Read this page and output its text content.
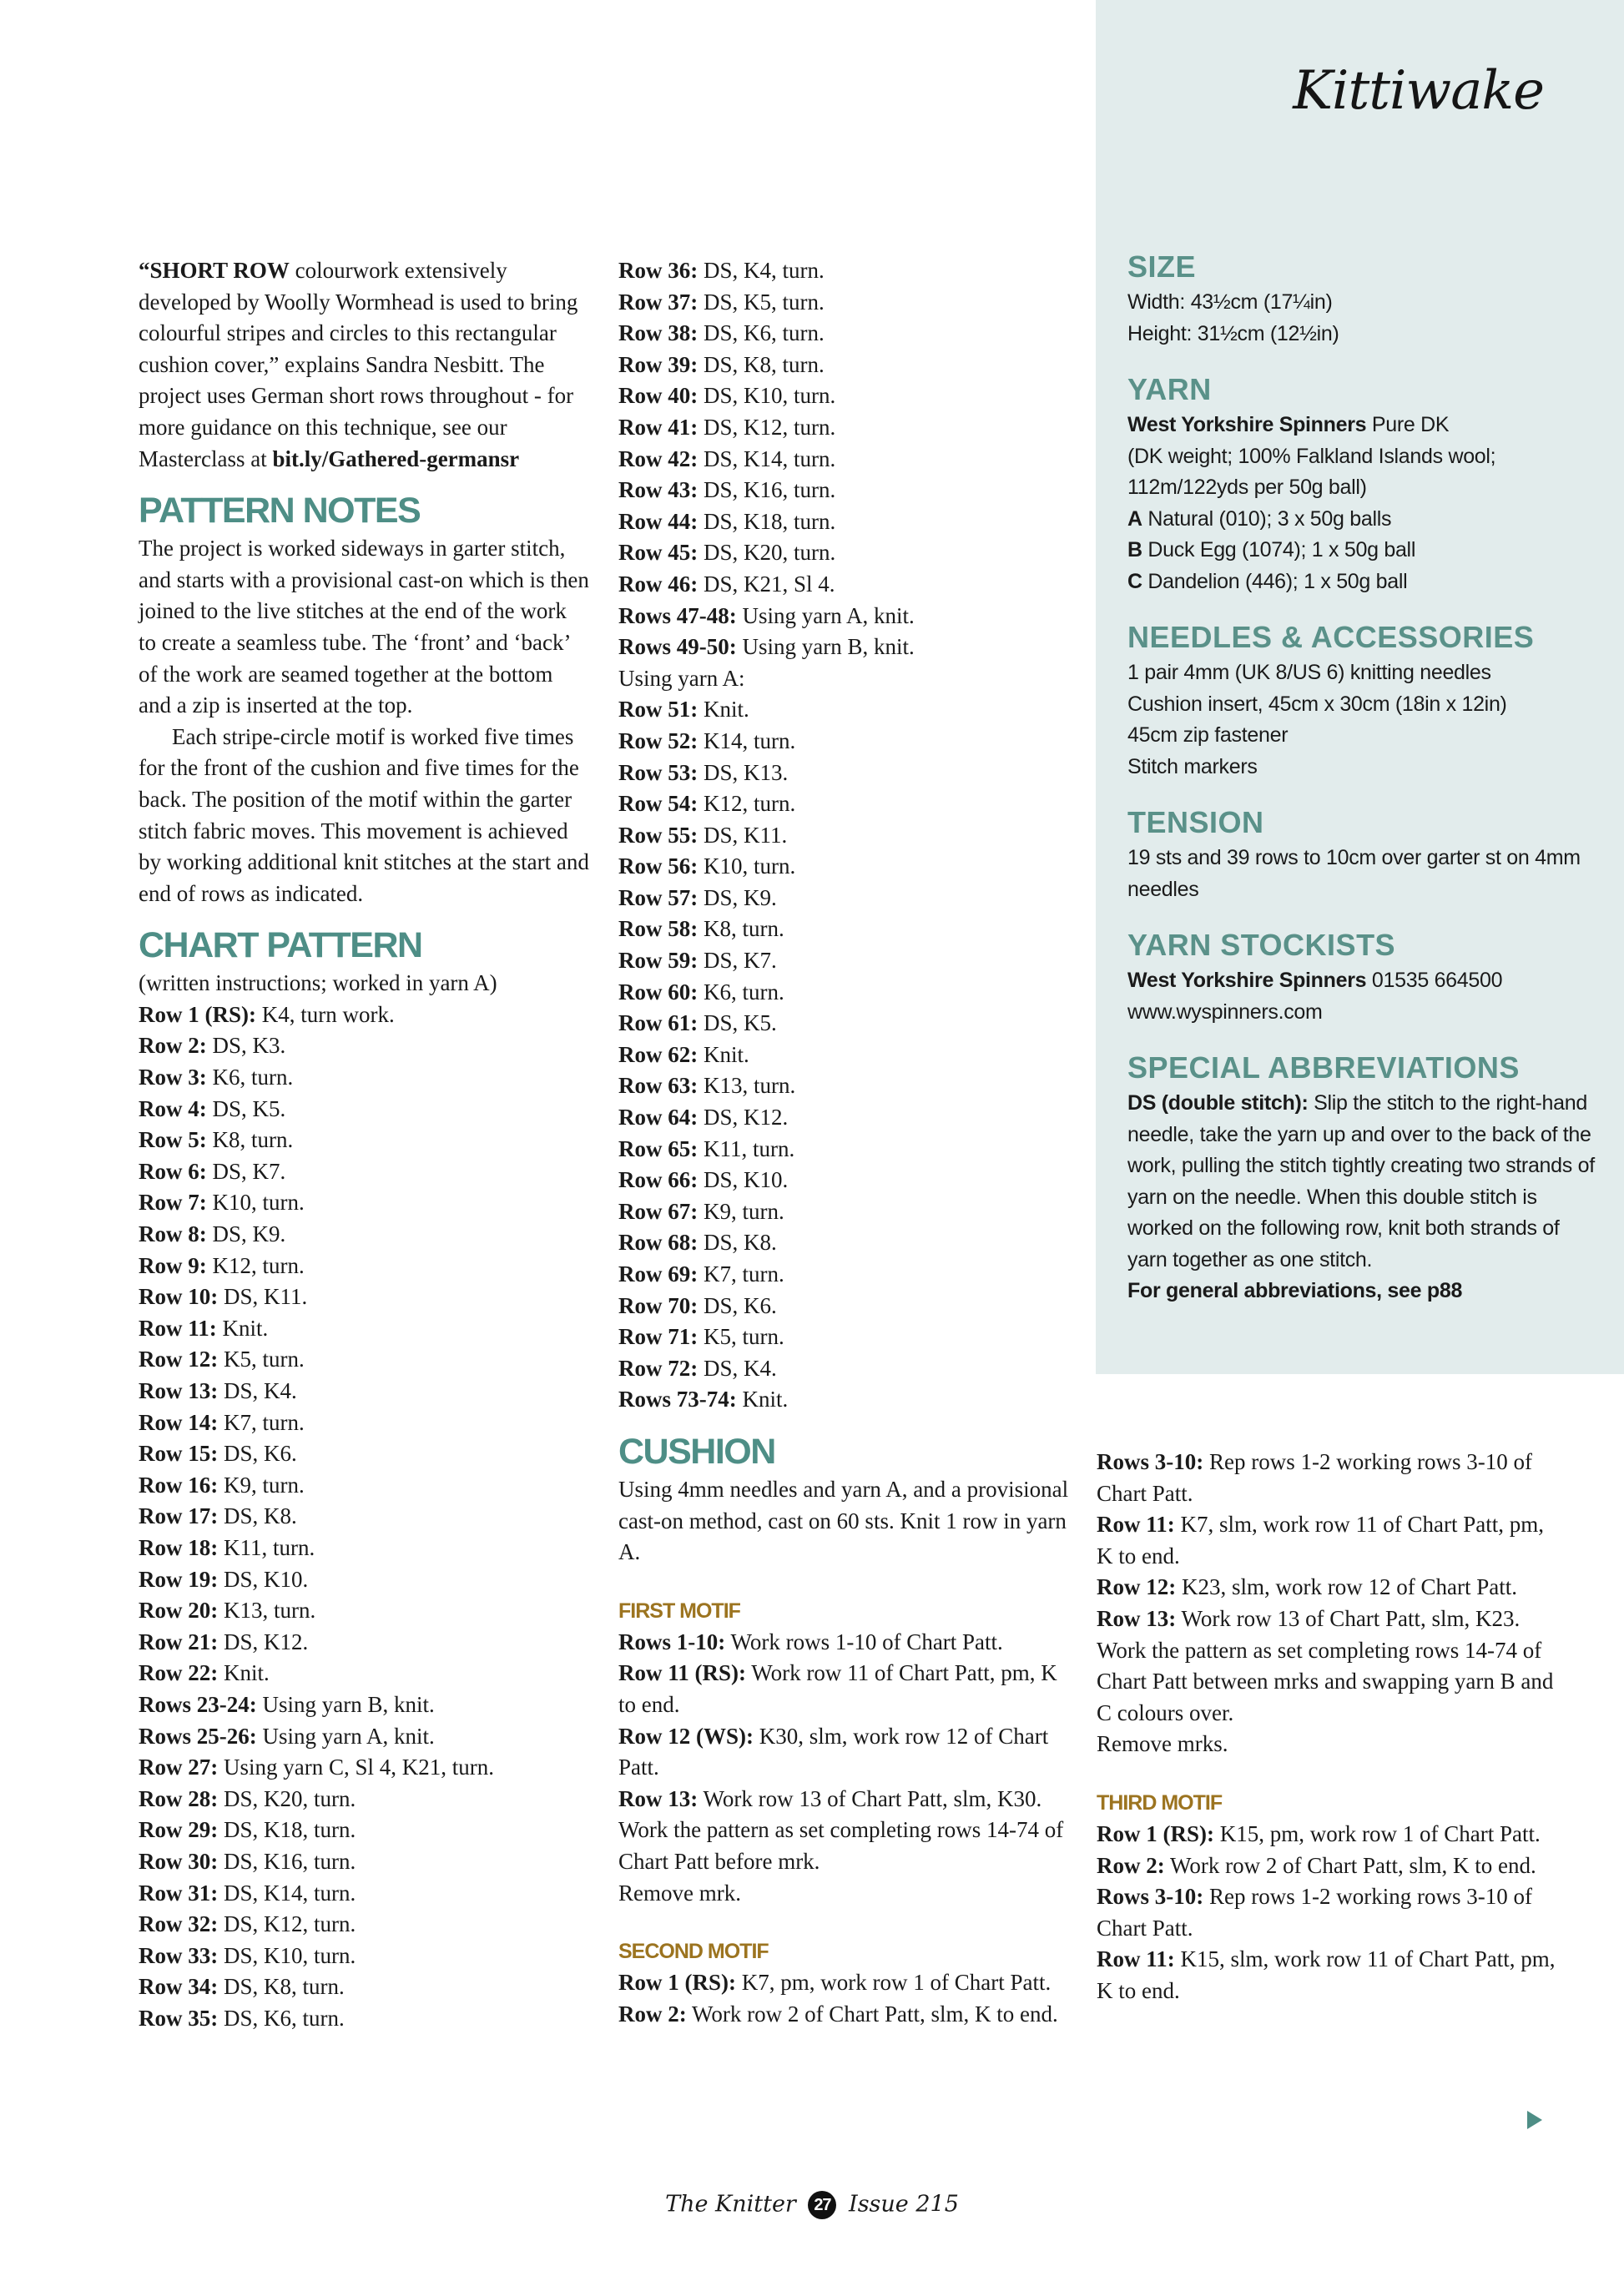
Kittiwake

“SHORT ROW colourwork extensively developed by Woolly Wormhead is used to bring colourful stripes and circles to this rectangular cushion cover,” explains Sandra Nesbitt. The project uses German short rows throughout - for more guidance on this technique, see our Masterclass at bit.ly/Gathered-germansr

PATTERN NOTES

The project is worked sideways in garter stitch, and starts with a provisional cast-on which is then joined to the live stitches at the end of the work to create a seamless tube. The ‘front’ and ‘back’ of the work are seamed together at the bottom and a zip is inserted at the top.

Each stripe-circle motif is worked five times for the front of the cushion and five times for the back. The position of the motif within the garter stitch fabric moves. This movement is achieved by working additional knit stitches at the start and end of rows as indicated.

CHART PATTERN

(written instructions; worked in yarn A)

Row 1 (RS): K4, turn work.

Row 2: DS, K3.

Row 3: K6, turn.

Row 4: DS, K5.

Row 5: K8, turn.

Row 6: DS, K7.

Row 7: K10, turn.

Row 8: DS, K9.

Row 9: K12, turn.

Row 10: DS, K11.

Row 11: Knit.

Row 12: K5, turn.

Row 13: DS, K4.

Row 14: K7, turn.

Row 15: DS, K6.

Row 16: K9, turn.

Row 17: DS, K8.

Row 18: K11, turn.

Row 19: DS, K10.

Row 20: K13, turn.

Row 21: DS, K12.

Row 22: Knit.

Rows 23-24: Using yarn B, knit.

Rows 25-26: Using yarn A, knit.

Row 27: Using yarn C, Sl 4, K21, turn.

Row 28: DS, K20, turn.

Row 29: DS, K18, turn.

Row 30: DS, K16, turn.

Row 31: DS, K14, turn.

Row 32: DS, K12, turn.

Row 33: DS, K10, turn.

Row 34: DS, K8, turn.

Row 35: DS, K6, turn.

Row 36: DS, K4, turn.

Row 37: DS, K5, turn.

Row 38: DS, K6, turn.

Row 39: DS, K8, turn.

Row 40: DS, K10, turn.

Row 41: DS, K12, turn.

Row 42: DS, K14, turn.

Row 43: DS, K16, turn.

Row 44: DS, K18, turn.

Row 45: DS, K20, turn.

Row 46: DS, K21, Sl 4.

Rows 47-48: Using yarn A, knit.

Rows 49-50: Using yarn B, knit.

Using yarn A:

Row 51: Knit.

Row 52: K14, turn.

Row 53: DS, K13.

Row 54: K12, turn.

Row 55: DS, K11.

Row 56: K10, turn.

Row 57: DS, K9.

Row 58: K8, turn.

Row 59: DS, K7.

Row 60: K6, turn.

Row 61: DS, K5.

Row 62: Knit.

Row 63: K13, turn.

Row 64: DS, K12.

Row 65: K11, turn.

Row 66: DS, K10.

Row 67: K9, turn.

Row 68: DS, K8.

Row 69: K7, turn.

Row 70: DS, K6.

Row 71: K5, turn.

Row 72: DS, K4.

Rows 73-74: Knit.

CUSHION

Using 4mm needles and yarn A, and a provisional cast-on method, cast on 60 sts. Knit 1 row in yarn A.

FIRST MOTIF

Rows 1-10: Work rows 1-10 of Chart Patt.

Row 11 (RS): Work row 11 of Chart Patt, pm, K to end.

Row 12 (WS): K30, slm, work row 12 of Chart Patt.

Row 13: Work row 13 of Chart Patt, slm, K30.

Work the pattern as set completing rows 14-74 of Chart Patt before mrk.

Remove mrk.

SECOND MOTIF

Row 1 (RS): K7, pm, work row 1 of Chart Patt.

Row 2: Work row 2 of Chart Patt, slm, K to end.

Rows 3-10: Rep rows 1-2 working rows 3-10 of Chart Patt.

Row 11: K7, slm, work row 11 of Chart Patt, pm, K to end.

Row 12: K23, slm, work row 12 of Chart Patt.

Row 13: Work row 13 of Chart Patt, slm, K23.

Work the pattern as set completing rows 14-74 of Chart Patt between mrks and swapping yarn B and C colours over.

Remove mrks.

THIRD MOTIF

Row 1 (RS): K15, pm, work row 1 of Chart Patt.

Row 2: Work row 2 of Chart Patt, slm, K to end.

Rows 3-10: Rep rows 1-2 working rows 3-10 of Chart Patt.

Row 11: K15, slm, work row 11 of Chart Patt, pm, K to end.

SIZE

Width: 43½cm (17¼in)

Height: 31½cm (12½in)

YARN

West Yorkshire Spinners Pure DK

(DK weight; 100% Falkland Islands wool; 112m/122yds per 50g ball)

A Natural (010); 3 x 50g balls

B Duck Egg (1074); 1 x 50g ball

C Dandelion (446); 1 x 50g ball

NEEDLES & ACCESSORIES

1 pair 4mm (UK 8/US 6) knitting needles

Cushion insert, 45cm x 30cm (18in x 12in)

45cm zip fastener

Stitch markers

TENSION

19 sts and 39 rows to 10cm over garter st on 4mm needles

YARN STOCKISTS

West Yorkshire Spinners 01535 664500

www.wyspinners.com

SPECIAL ABBREVIATIONS

DS (double stitch): Slip the stitch to the right-hand needle, take the yarn up and over to the back of the work, pulling the stitch tightly creating two strands of yarn on the needle. When this double stitch is worked on the following row, knit both strands of yarn together as one stitch.

For general abbreviations, see p88

The Knitter 27 Issue 215
